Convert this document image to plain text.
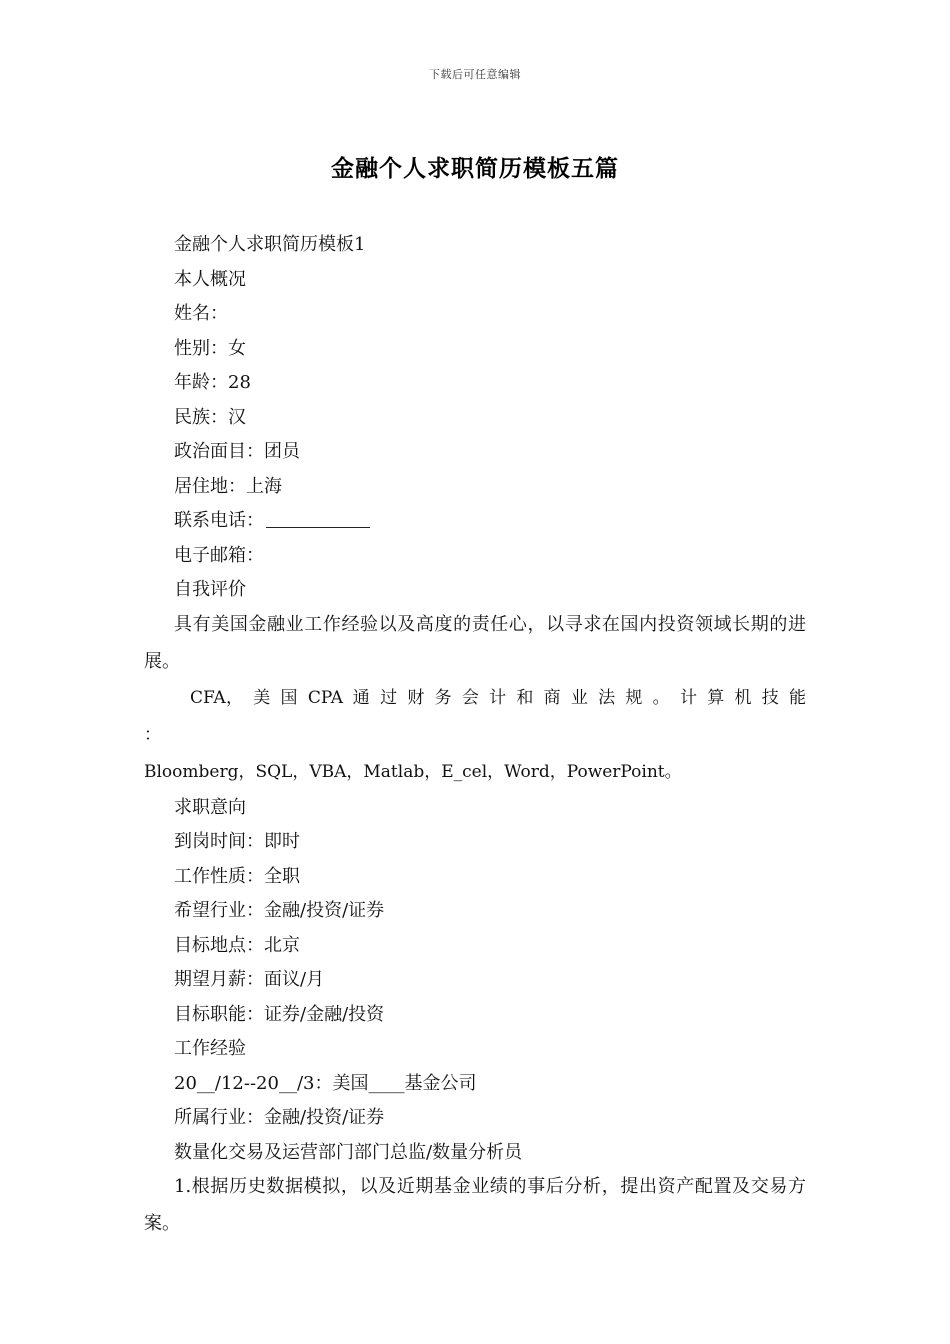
下载后可任意编辑
金融个人求职简历模板五篇
金融个人求职简历模板1
本人概况
姓名：
性别：女
年龄：28
民族：汉
政治面目：团员
居住地：上海
联系电话：
电子邮箱：
自我评价
具有美国金融业工作经验以及高度的责任心，以寻求在国内投资领域长期的进展。
CFA， 美 国 CPA 通 过 财 务 会 计 和 商 业 法 规 。 计 算 机 技 能 ：
Bloomberg，SQL，VBA，Matlab，E_cel，Word，PowerPoint。
求职意向
到岗时间：即时
工作性质：全职
希望行业：金融/投资/证券
目标地点：北京
期望月薪：面议/月
目标职能：证券/金融/投资
工作经验
20__/12--20__/3：美国____基金公司
所属行业：金融/投资/证券
数量化交易及运营部门部门总监/数量分析员
1.根据历史数据模拟，以及近期基金业绩的事后分析，提出资产配置及交易方案。
